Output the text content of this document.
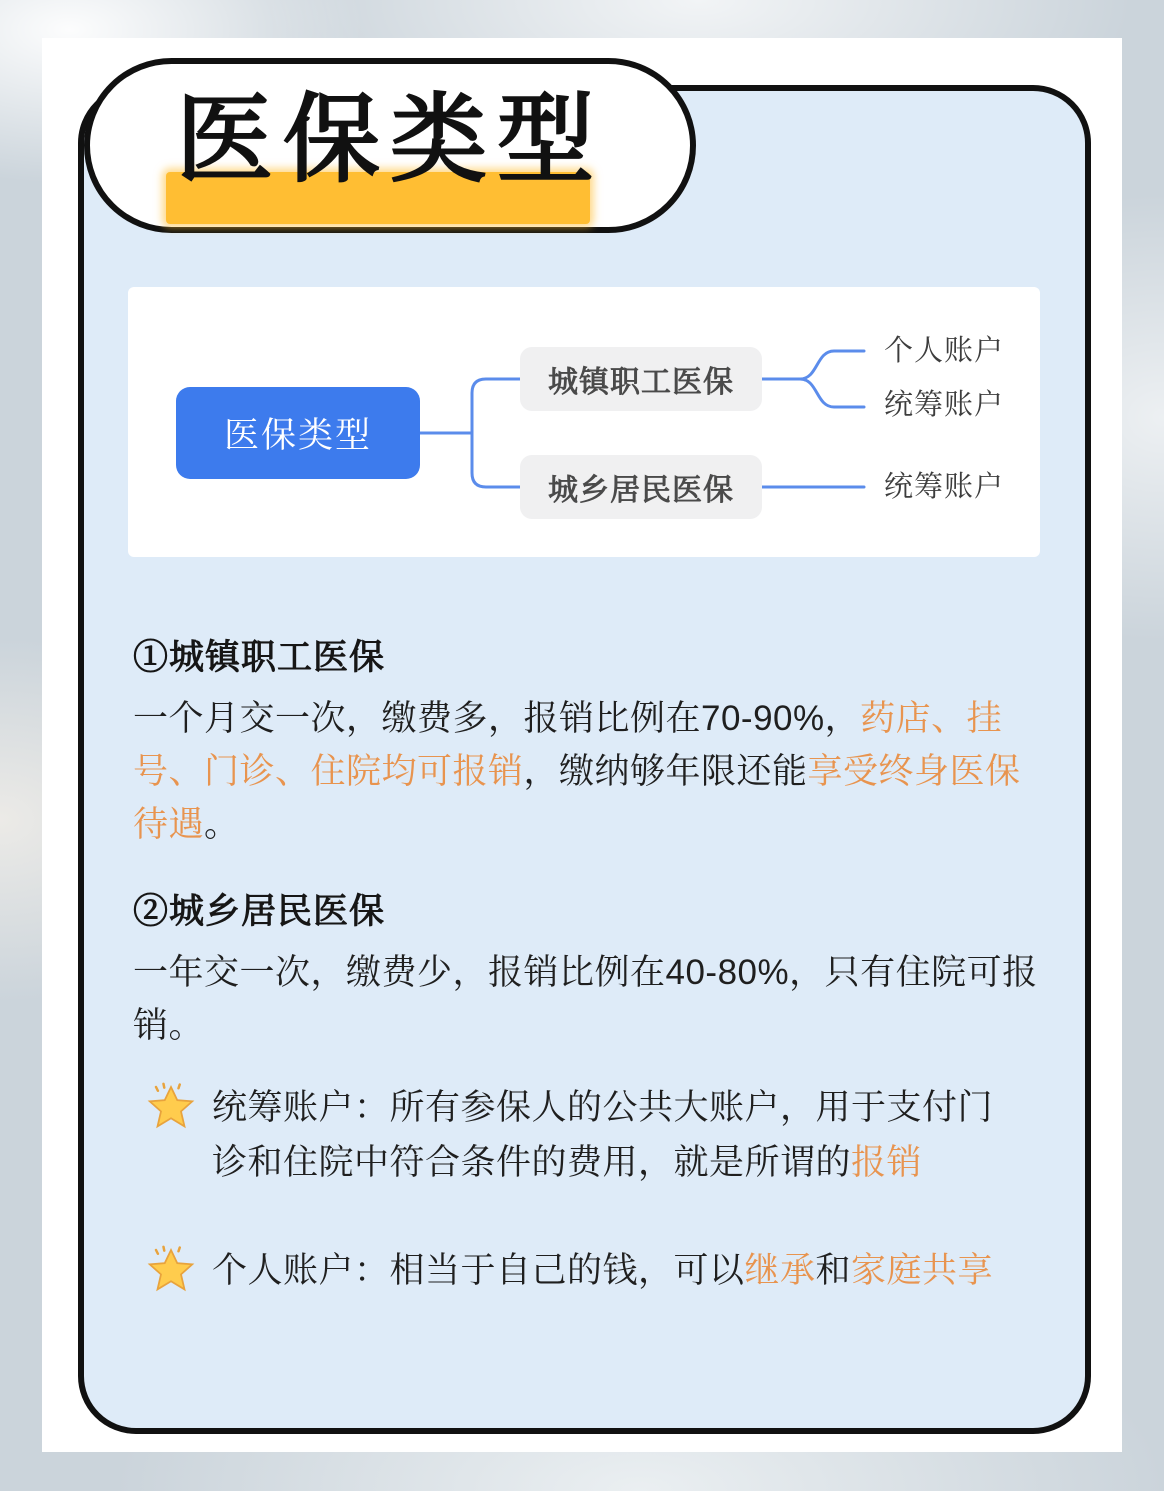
医保类型
医保类型
城镇职工医保
城乡居民医保
个人账户
统筹账户
统筹账户
①城镇职工医保
一个月交一次，缴费多，报销比例在70-90%，药店、挂号、门诊、住院均可报销，缴纳够年限还能享受终身医保待遇。
②城乡居民医保
一年交一次，缴费少，报销比例在40-80%，只有住院可报销。
统筹账户：所有参保人的公共大账户，用于支付门诊和住院中符合条件的费用，就是所谓的报销
个人账户：相当于自己的钱，可以继承和家庭共享
